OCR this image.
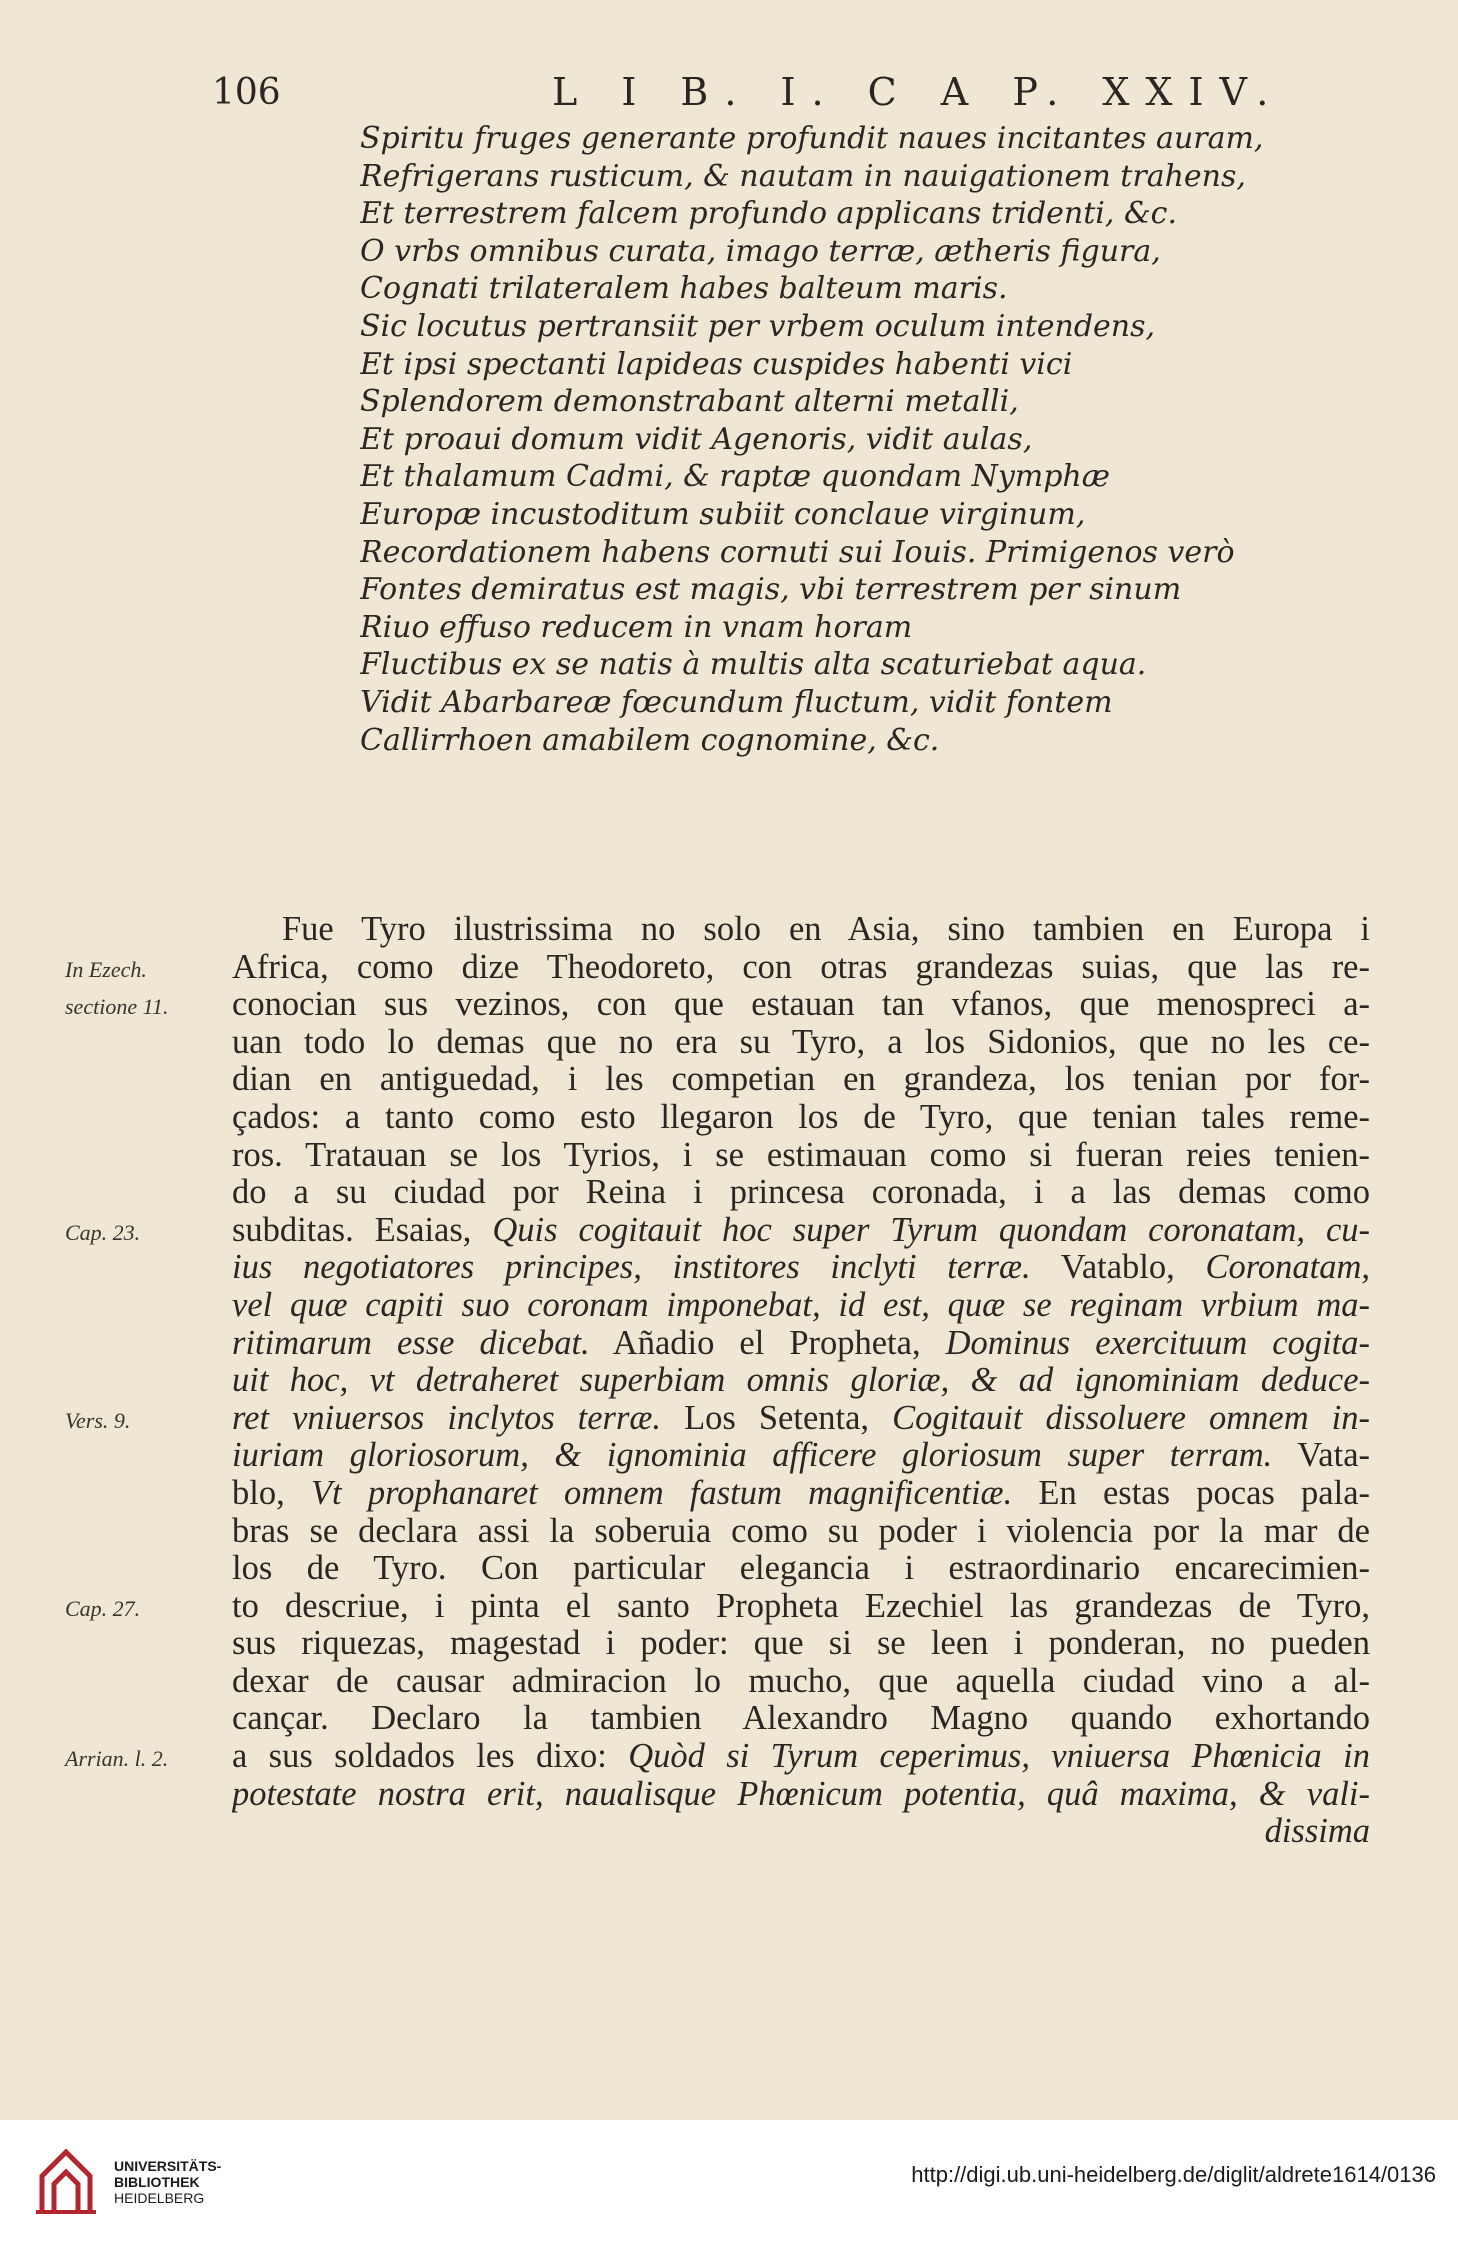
106	L I B. I. C A P. XXIV.
Spiritu fruges generante profundit naues incitantes auram,
Refrigerans rusticum, & nautam in nauigationem trahens,
Et terrestrem falcem profundo applicans tridenti, &c.
O vrbs omnibus curata, imago terræ, ætheris figura,
Cognati trilateralem habes balteum maris.
Sic locutus pertransiit per vrbem oculum intendens,
Et ipsi spectanti lapideas cuspides habenti vici
Splendorem demonstrabant alterni metalli,
Et proaui domum vidit Agenoris, vidit aulas,
Et thalamum Cadmi, & raptæ quondam Nymphæ
Europæ incustoditum subiit conclaue virginum,
Recordationem habens cornuti sui Iouis. Primigenos verò
Fontes demiratus est magis, vbi terrestrem per sinum
Riuo effuso reducem in vnam horam
Fluctibus ex se natis à multis alta scaturiebat aqua.
Vidit Abarbareæ fœcundum fluctum, vidit fontem
Callirrhoen amabilem cognomine, &c.
Fue Tyro ilustrissima no solo en Asia, sino tambien en Europa i
Africa, como dize Theodoreto, con otras grandezas suias, que las re-
conocian sus vezinos, con que estauan tan vfanos, que menospreci a-
uan todo lo demas que no era su Tyro, a los Sidonios, que no les ce-
dian en antiguedad, i les competian en grandeza, los tenian por for-
çados: a tanto como esto llegaron los de Tyro, que tenian tales reme-
ros. Tratauan se los Tyrios, i se estimauan como si fueran reies tenien-
do a su ciudad por Reina i princesa coronada, i a las demas como
subditas. Esaias, Quis cogitauit hoc super Tyrum quondam coronatam, cu-
ius negotiatores principes, institores inclyti terræ. Vatablo, Coronatam,
vel quæ capiti suo coronam imponebat, id est, quæ se reginam vrbium ma-
ritimarum esse dicebat. Añadio el Propheta, Dominus exercituum cogita-
uit hoc, vt detraheret superbiam omnis gloriæ, & ad ignominiam deduce-
ret vniuersos inclytos terræ. Los Setenta, Cogitauit dissoluere omnem in-
iuriam gloriosorum, & ignominia afficere gloriosum super terram. Vata-
blo, Vt prophanaret omnem fastum magnificentiæ. En estas pocas pala-
bras se declara assi la soberuia como su poder i violencia por la mar de
los de Tyro. Con particular elegancia i estraordinario encarecimien-
to descriue, i pinta el santo Propheta Ezechiel las grandezas de Tyro,
sus riquezas, magestad i poder: que si se leen i ponderan, no pueden
dexar de causar admiracion lo mucho, que aquella ciudad vino a al-
cançar. Declaro la tambien Alexandro Magno quando exhortando
a sus soldados les dixo: Quòd si Tyrum ceperimus, vniuersa Phœnicia in
potestate nostra erit, naualisque Phœnicum potentia, quâ maxima, & vali-
dissima
In Ezech.
sectione 11.
Cap. 23.
Vers. 9.
Cap. 27.
Arrian. l. 2.
UNIVERSITÄTS-
BIBLIOTHEK
HEIDELBERG
http://digi.ub.uni-heidelberg.de/diglit/aldrete1614/0136
